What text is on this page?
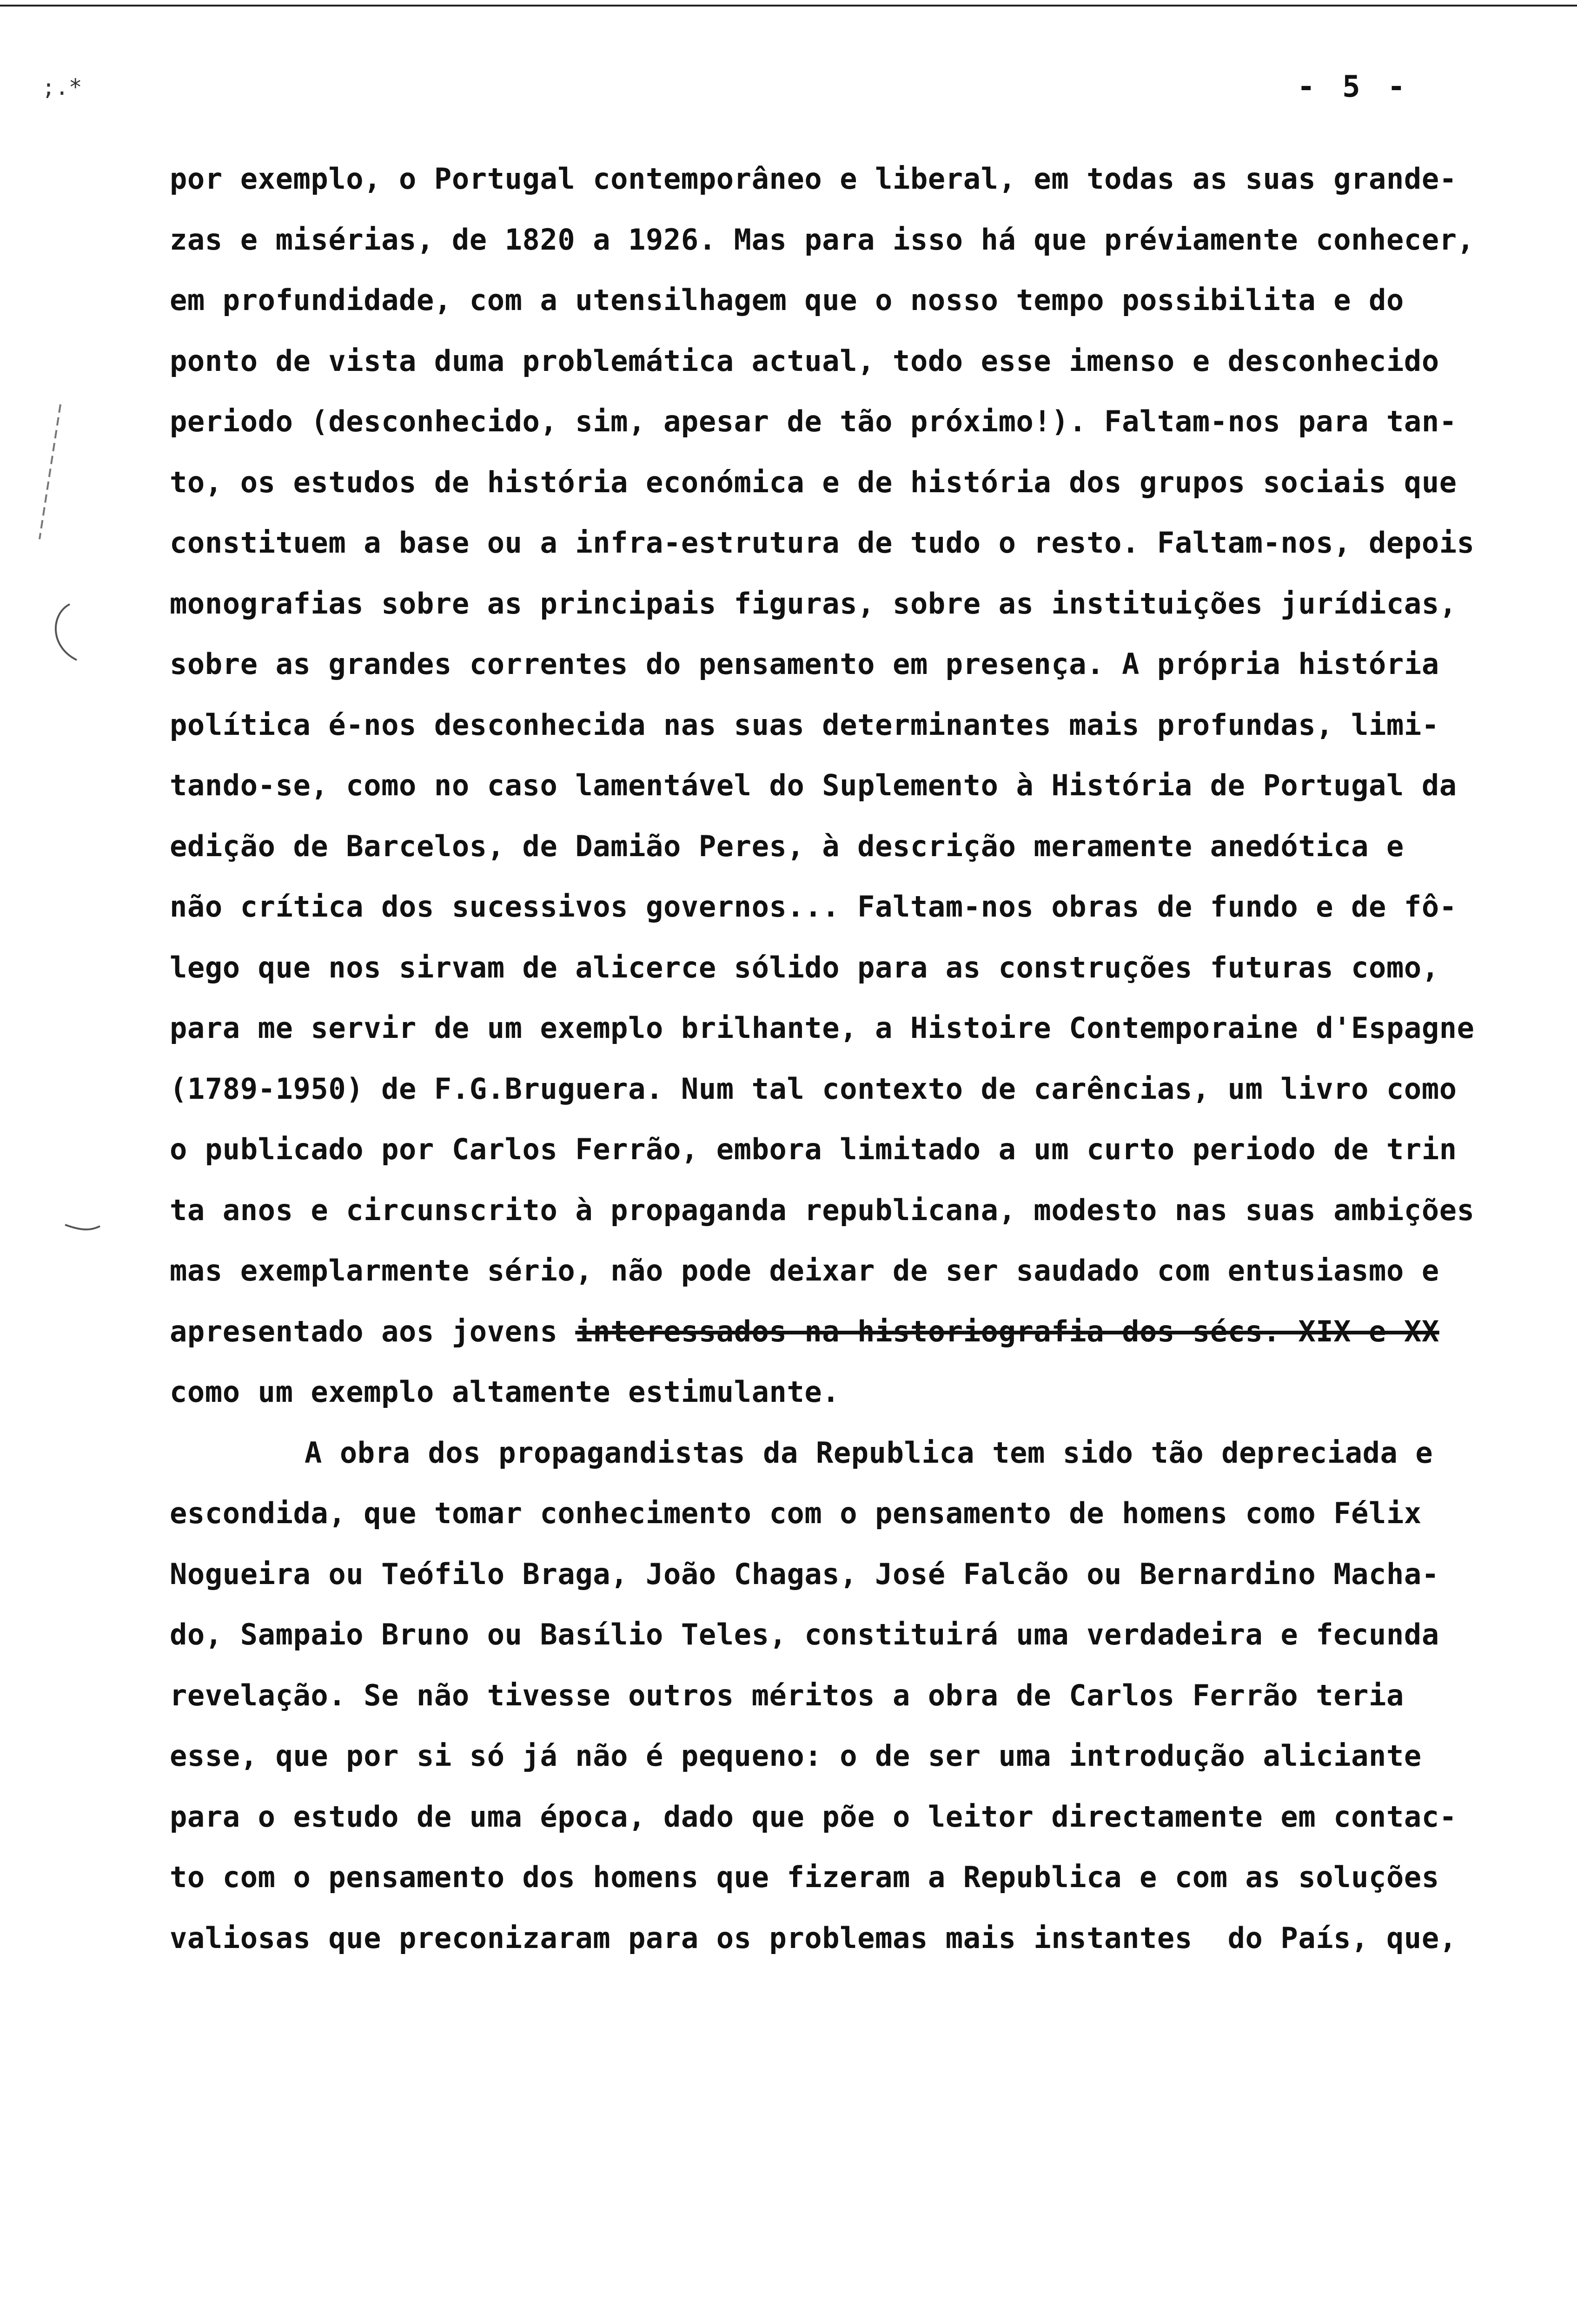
- 5 -
;.*
por exemplo, o Portugal contemporâneo e liberal, em todas as suas grande-
zas e misérias, de 1820 a 1926. Mas para isso há que préviamente conhecer,
em profundidade, com a utensilhagem que o nosso tempo possibilita e do
ponto de vista duma problemática actual, todo esse imenso e desconhecido
periodo (desconhecido, sim, apesar de tão próximo!). Faltam-nos para tan-
to, os estudos de história económica e de história dos grupos sociais que
constituem a base ou a infra-estrutura de tudo o resto. Faltam-nos, depois
monografias sobre as principais figuras, sobre as instituições jurídicas,
sobre as grandes correntes do pensamento em presença. A própria história
política é-nos desconhecida nas suas determinantes mais profundas, limi-
tando-se, como no caso lamentável do Suplemento à História de Portugal da
edição de Barcelos, de Damião Peres, à descrição meramente anedótica e
não crítica dos sucessivos governos... Faltam-nos obras de fundo e de fô-
lego que nos sirvam de alicerce sólido para as construções futuras como,
para me servir de um exemplo brilhante, a Histoire Contemporaine d'Espagne
(1789-1950) de F.G.Bruguera. Num tal contexto de carências, um livro como
o publicado por Carlos Ferrão, embora limitado a um curto periodo de trin
ta anos e circunscrito à propaganda republicana, modesto nas suas ambições
mas exemplarmente sério, não pode deixar de ser saudado com entusiasmo e
apresentado aos jovens interessados na historiografia dos sécs. XIX e XX
como um exemplo altamente estimulante.
A obra dos propagandistas da Republica tem sido tão depreciada e
escondida, que tomar conhecimento com o pensamento de homens como Félix
Nogueira ou Teófilo Braga, João Chagas, José Falcão ou Bernardino Macha-
do, Sampaio Bruno ou Basílio Teles, constituirá uma verdadeira e fecunda
revelação. Se não tivesse outros méritos a obra de Carlos Ferrão teria
esse, que por si só já não é pequeno: o de ser uma introdução aliciante
para o estudo de uma época, dado que põe o leitor directamente em contac-
to com o pensamento dos homens que fizeram a Republica e com as soluções
valiosas que preconizaram para os problemas mais instantes  do País, que,
